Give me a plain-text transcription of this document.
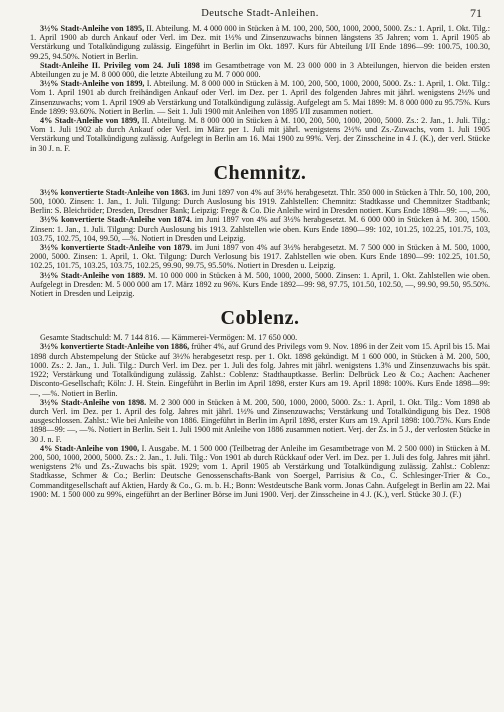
Deutsche Stadt-Anleihen.	71

3½% Stadt-Anleihe von 1895, II. Abteilung. M. 4 000 000 in Stücken à M. 100, 200, 500, 1000, 2000, 5000. Zs.: 1. April, 1. Okt. Tilg.: 1. April 1900 ab durch Ankauf oder Verl. im Dez. mit 1½% und Zinsenzuwachs binnen längstens 35 Jahren; vom 1. April 1905 ab Verstärkung und Totalkündigung zulässig. Eingeführt in Berlin im Okt. 1897. Kurs für Abteilung I/II Ende 1896—99: 100.75, 100.30, 99.25, 94.50%. Notiert in Berlin.

Stadt-Anleihe II. Privileg vom 24. Juli 1898 im Gesamtbetrage von M. 23 000 000 in 3 Abteilungen, hiervon die beiden ersten Abteilungen zu je M. 8 000 000, die letzte Abteilung zu M. 7 000 000.

3½% Stadt-Anleihe von 1899, I. Abteilung. M. 8 000 000 in Stücken à M. 100, 200, 500, 1000, 2000, 5000. Zs.: 1. April, 1. Okt. Tilg.: Vom 1. April 1901 ab durch freihändigen Ankauf oder Verl. im Dez. per 1. April des folgenden Jahres mit jährl. wenigstens 2½% und Zinsenzuwachs; vom 1. April 1909 ab Verstärkung und Totalkündigung zulässig. Aufgelegt am 5. Mai 1899: M. 8 000 000 zu 95.75%. Kurs Ende 1899: 93.60%. Notiert in Berlin. — Seit 1. Juli 1900 mit Anleihen von 1895 I/II zusammen notiert.

4% Stadt-Anleihe von 1899, II. Abteilung. M. 8 000 000 in Stücken à M. 100, 200, 500, 1000, 2000, 5000. Zs.: 2. Jan., 1. Juli. Tilg.: Vom 1. Juli 1902 ab durch Ankauf oder Verl. im März per 1. Juli mit jährl. wenigstens 2½% und Zs.-Zuwachs, vom 1. Juli 1905 Verstärkung und Totalkündigung zulässig. Aufgelegt in Berlin am 16. Mai 1900 zu 99%. Verj. der Zinsscheine in 4 J. (K.), der verl. Stücke in 30 J. n. F.

Chemnitz.

3½% konvertierte Stadt-Anleihe von 1863. im Juni 1897 von 4% auf 3½% herabgesetzt. Thlr. 350 000 in Stücken à Thlr. 50, 100, 200, 500, 1000. Zinsen: 1. Jan., 1. Juli. Tilgung: Durch Auslosung bis 1919. Zahlstellen: Chemnitz: Stadtkasse und Chemnitzer Stadtbank; Berlin: S. Bleichröder; Dresden, Dresdner Bank; Leipzig: Frege & Co. Die Anleihe wird in Dresden notiert. Kurs Ende 1898—99: —, —%.

3½% konvertierte Stadt-Anleihe von 1874. im Juni 1897 von 4% auf 3½% herabgesetzt. M. 6 000 000 in Stücken à M. 300, 1500. Zinsen: 1. Jan., 1. Juli. Tilgung: Durch Auslosung bis 1913. Zahlstellen wie oben. Kurs Ende 1890—99: 102, 101.25, 102.25, 101.75, 103, 103.75, 102.75, 104, 99.50, —%. Notiert in Dresden und Leipzig.

3½% konvertierte Stadt-Anleihe von 1879. im Juni 1897 von 4% auf 3½% herabgesetzt. M. 7 500 000 in Stücken à M. 500, 1000, 2000, 5000. Zinsen: 1. April, 1. Okt. Tilgung: Durch Verlosung bis 1917. Zahlstellen wie oben. Kurs Ende 1890—99: 102.25, 101.50, 102.25, 101.75, 103.25, 103.75, 102.25, 99.90, 99.75, 95.50%. Notiert in Dresden u. Leipzig.

3½% Stadt-Anleihe von 1889. M. 10 000 000 in Stücken à M. 500, 1000, 2000, 5000. Zinsen: 1. April, 1. Okt. Zahlstellen wie oben. Aufgelegt in Dresden: M. 5 000 000 am 17. März 1892 zu 96%. Kurs Ende 1892—99: 98, 97.75, 101.50, 102.50, —, 99.90, 99.50, 95.50%. Notiert in Dresden und Leipzig.

Coblenz.

Gesamte Stadtschuld: M. 7 144 816. — Kämmerei-Vermögen: M. 17 650 000.

3½% konvertierte Stadt-Anleihe von 1886, früher 4%, auf Grund des Privilegs vom 9. Nov. 1896 in der Zeit vom 15. April bis 15. Mai 1898 durch Abstempelung der Stücke auf 3½% herabgesetzt resp. per 1. Okt. 1898 gekündigt. M 1 600 000, in Stücken à M. 200, 500, 1000. Zs.: 2. Jan., 1. Juli. Tilg.: Durch Verl. im Dez. per 1. Juli des folg. Jahres mit jährl. wenigstens 1.3% und Zinsenzuwachs bis spät. 1922; Verstärkung und Totalkündigung zulässig. Zahlst.: Coblenz: Stadthauptkasse. Berlin: Delbrück Leo & Co.; Aachen: Aachener Disconto-Gesellschaft; Köln: J. H. Stein. Eingeführt in Berlin im April 1898, erster Kurs am 19. April 1898: 100%. Kurs Ende 1898—99: —, —%. Notiert in Berlin.

3½% Stadt-Anleihe von 1898. M. 2 300 000 in Stücken à M. 200, 500, 1000, 2000, 5000. Zs.: 1. April, 1. Okt. Tilg.: Vom 1898 ab durch Verl. im Dez. per 1. April des folg. Jahres mit jährl. 1½% und Zinsenzuwachs; Verstärkung und Totalkündigung bis Dez. 1908 ausgeschlossen. Zahlst.: Wie bei Anleihe von 1886. Eingeführt in Berlin im April 1898, erster Kurs am 19. April 1898: 100.75%. Kurs Ende 1898—99: —, —%. Notiert in Berlin. Seit 1. Juli 1900 mit Anleihe von 1886 zusammen notiert. Verj. der Zs. in 5 J., der verlosten Stücke in 30 J. n. F.

4% Stadt-Anleihe von 1900, I. Ausgabe. M. 1 500 000 (Teilbetrag der Anleihe im Gesamtbetrage von M. 2 500 000) in Stücken à M. 200, 500, 1000, 2000, 5000. Zs.: 2. Jan., 1. Juli. Tilg.: Von 1901 ab durch Rückkauf oder Verl. im Dez. per 1. Juli des folg. Jahres mit jährl. wenigstens 2% und Zs.-Zuwachs bis spät. 1929; vom 1. April 1905 ab Verstärkung und Totalkündigung zulässig. Zahlst.: Coblenz: Stadtkasse, Schmer & Co.; Berlin: Deutsche Genossenschafts-Bank von Soergel, Parrisius & Co., C. Schlesinger-Trier & Co., Commanditgesellschaft auf Aktien, Hardy & Co., G. m. b. H.; Bonn: Westdeutsche Bank vorm. Jonas Cahn. Aufgelegt in Berlin am 22. Mai 1900: M. 1 500 000 zu 99%, eingeführt an der Berliner Börse im Juni 1900. Verj. der Zinsscheine in 4 J. (K.), verl. Stücke 30 J. (F.)
